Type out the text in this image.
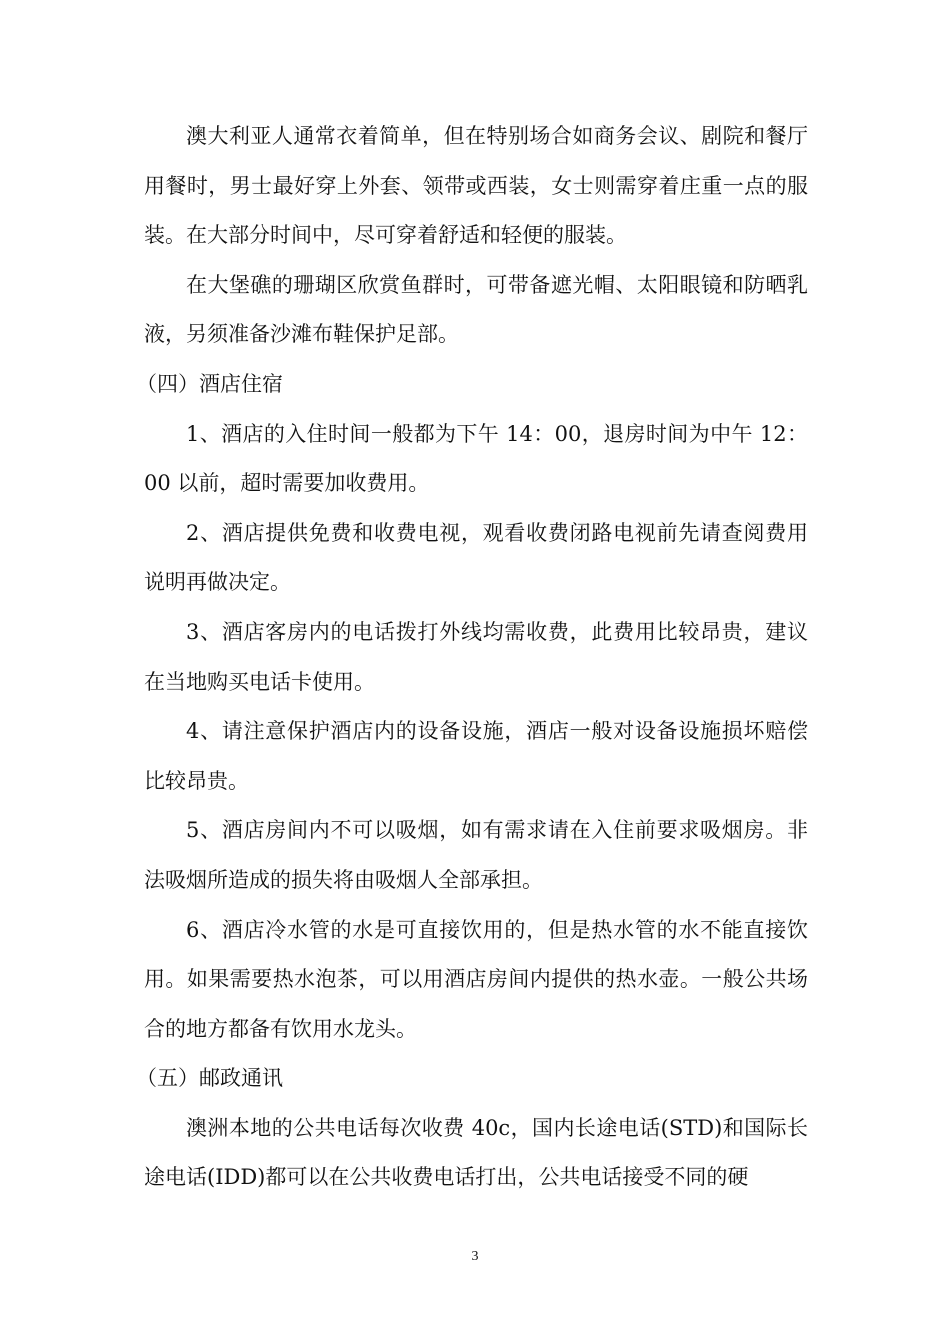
澳大利亚人通常衣着简单，但在特别场合如商务会议、剧院和餐厅用餐时，男士最好穿上外套、领带或西装，女士则需穿着庄重一点的服装。在大部分时间中，尽可穿着舒适和轻便的服装。

在大堡礁的珊瑚区欣赏鱼群时，可带备遮光帽、太阳眼镜和防晒乳液，另须准备沙滩布鞋保护足部。

（四）酒店住宿

1、酒店的入住时间一般都为下午 14：00，退房时间为中午 12：00 以前，超时需要加收费用。

2、酒店提供免费和收费电视，观看收费闭路电视前先请查阅费用说明再做决定。

3、酒店客房内的电话拨打外线均需收费，此费用比较昂贵，建议在当地购买电话卡使用。

4、请注意保护酒店内的设备设施，酒店一般对设备设施损坏赔偿比较昂贵。

5、酒店房间内不可以吸烟，如有需求请在入住前要求吸烟房。非法吸烟所造成的损失将由吸烟人全部承担。

6、酒店冷水管的水是可直接饮用的，但是热水管的水不能直接饮用。如果需要热水泡茶，可以用酒店房间内提供的热水壶。一般公共场合的地方都备有饮用水龙头。

（五）邮政通讯

澳洲本地的公共电话每次收费 40c，国内长途电话(STD)和国际长途电话(IDD)都可以在公共收费电话打出，公共电话接受不同的硬

3
